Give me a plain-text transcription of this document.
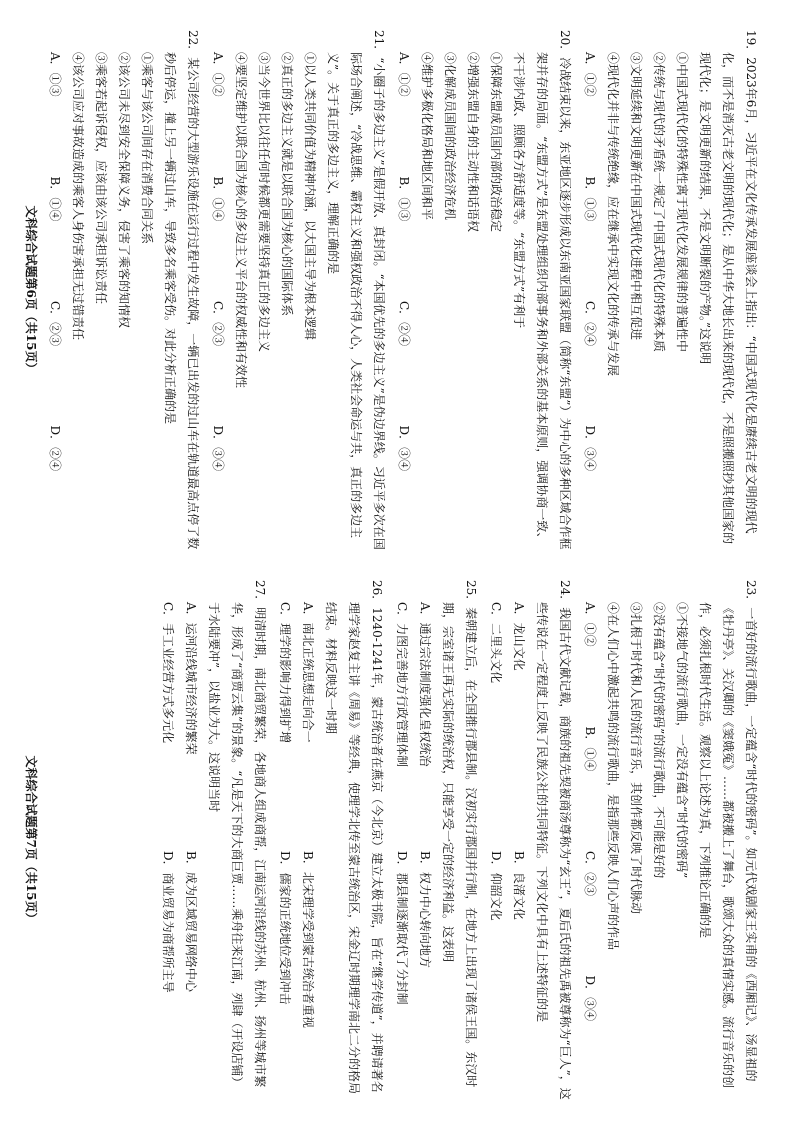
19．2023年6月，习近平在文化传承发展座谈会上指出：“中国式现代化是赓续古老文明的现代化，而不是消灭古老文明的现代化；是从中华大地长出来的现代化，不是照搬照抄其他国家的现代化；是文明更新的结果，不是文明断裂的产物。”这说明
①中国式现代化的特殊性寓于现代化发展规律的普遍性中
②传统与现代的矛盾统一规定了中国式现代化的特殊本质
③文明延续和文明更新在中国式现代化进程中相互促进
④现代化并非与传统绝缘，应在继承中实现文化的传承与发展
A．①②
B．①③
C．②④
D．③④
20．冷战结束以来，东亚地区逐步形成以东南亚国家联盟（简称“东盟”）为中心的多种区域合作框架并存的局面。“东盟方式”是东盟处理组织内部事务和外部关系的基本原则，强调协商一致、不干涉内政、照顾各方舒适度等。“东盟方式”有利于
①保障东盟成员国内部的政治稳定
②增强东盟自身的主动性和话语权
③化解成员国间的政治经济危机
④维护多极化格局和地区间和平
A．①②
B．①③
C．②④
D．③④
21．“小圈子的多边主义”是假开放、真封闭。“本国优先的多边主义”是伪边界线。习近平多次在国际场合阐述，“冷战思维、霸权主义和强权政治不得人心，人类社会命运与共，真正的多边主义”。关于真正的多边主义，理解正确的是
①以人类共同价值为精神内涵，以大国主导为根本逻辑
②真正的多边主义就是以联合国为核心的国际体系
③当今世界比以往任何时候都更需要坚持真正的多边主义
④要坚定维护以联合国为核心的多边主义平台的权威性和有效性
A．①②
B．①④
C．②③
D．③④
22．某公司经营的大型游乐设施在运行过程中发生故障，一辆已出发的过山车在轨道最高点停了数秒后停运，撞上另一辆过山车，导致多名乘客受伤。对此分析正确的是
①乘客与该公司间存在消费合同关系
②该公司未尽到安全保障义务，侵害了乘客的知情权
③乘客若起诉侵权，应该由该公司承担诉讼责任
④该公司应对事故造成的乘客人身伤害承担无过错责任
A．①③
B．①④
C．②③
D．②④
文科综合试题第6页（共15页）
23．一首好的流行歌曲，一定蕴含“时代的密码”。如元代戏剧家王实甫的《西厢记》、汤显祖的《牡丹亭》、关汉卿的《窦娥冤》……都被搬上了舞台，歌颂大众的真情实感。流行音乐的创作，必须扎根时代生活。观察以上论述为真，下列推论正确的是
①不接地气的流行歌曲，一定没有蕴含“时代的密码”
②没有蕴含“时代的密码”的流行歌曲，不可能是好的
③扎根于时代和人民的流行音乐，其创作都反映了时代脉动
④在人们心中激起共鸣的流行歌曲，是指那些反映人们心声的作品
A．①②
B．①④
C．②③
D．③④
24．我国古代文献记载，商族的祖先契被商汤尊称为“玄王”，夏后氏的祖先禹被尊称为“巨人”，这些传说在一定程度上反映了民族公社的共同特征。下列文化中具有上述特征的是
A．龙山文化
B．良渚文化
C．二里头文化
D．仰韶文化
25．秦朝建立后，在全国推行郡县制。汉初实行郡国并行制，在地方上出现了诸侯王国。东汉时期，宗室诸王再无实际的统治权，只能享受一定的经济利益。这表明
A．通过宗法制度强化皇权统治
B．权力中心转向地方
C．力图完善地方行政管理体制
D．郡县制逐渐取代了分封制
26．1240-1241年，蒙古统治者在燕京（今北京）建立太极书院，旨在“继学传道”，并聘请著名理学家赵复主讲《周易》等经典，使理学北传至蒙古统治区，宋金辽时期理学南北二分的格局结束。材料反映这一时期
A．南北正统思想走向合一
B．北宋理学受到蒙古统治者重视
C．理学的影响力得到扩增
D．儒家的正统地位受到冲击
27．明清时期，南北商贸繁荣，各地商人组成商帮，江南运河沿线的苏州、杭州、扬州等城市繁华，形成了“商贾云集”的景象。“凡是天下的大商巨贾……乘舟往来江南，列肆（开设店铺）于水陆要冲”，以盐业为大。这说明当时
A．运河沿线城市经济的繁荣
B．成为区域贸易网络中心
C．手工业经营方式多元化
D．商业贸易为商帮所主导
文科综合试题第7页（共15页）
